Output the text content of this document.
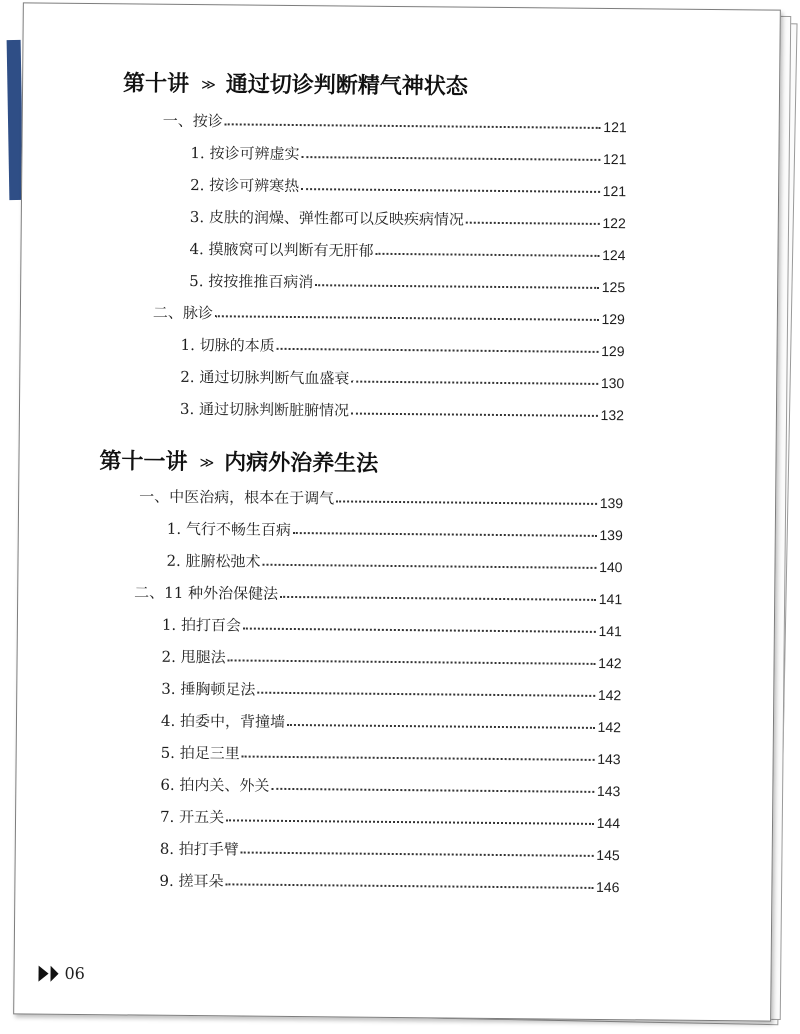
第十讲 ≫ 通过切诊判断精气神状态
一、按诊	121
1. 按诊可辨虚实	121
2. 按诊可辨寒热	121
3. 皮肤的润燥、弹性都可以反映疾病情况	122
4. 摸腋窝可以判断有无肝郁	124
5. 按按推推百病消	125
二、脉诊	129
1. 切脉的本质	129
2. 通过切脉判断气血盛衰	130
3. 通过切脉判断脏腑情况	132
第十一讲 ≫ 内病外治养生法
一、中医治病，根本在于调气	139
1. 气行不畅生百病	139
2. 脏腑松弛术	140
二、11 种外治保健法	141
1. 拍打百会	141
2. 甩腿法	142
3. 捶胸顿足法	142
4. 拍委中，背撞墙	142
5. 拍足三里	143
6. 拍内关、外关	143
7. 开五关	144
8. 拍打手臂	145
9. 搓耳朵	146
06
